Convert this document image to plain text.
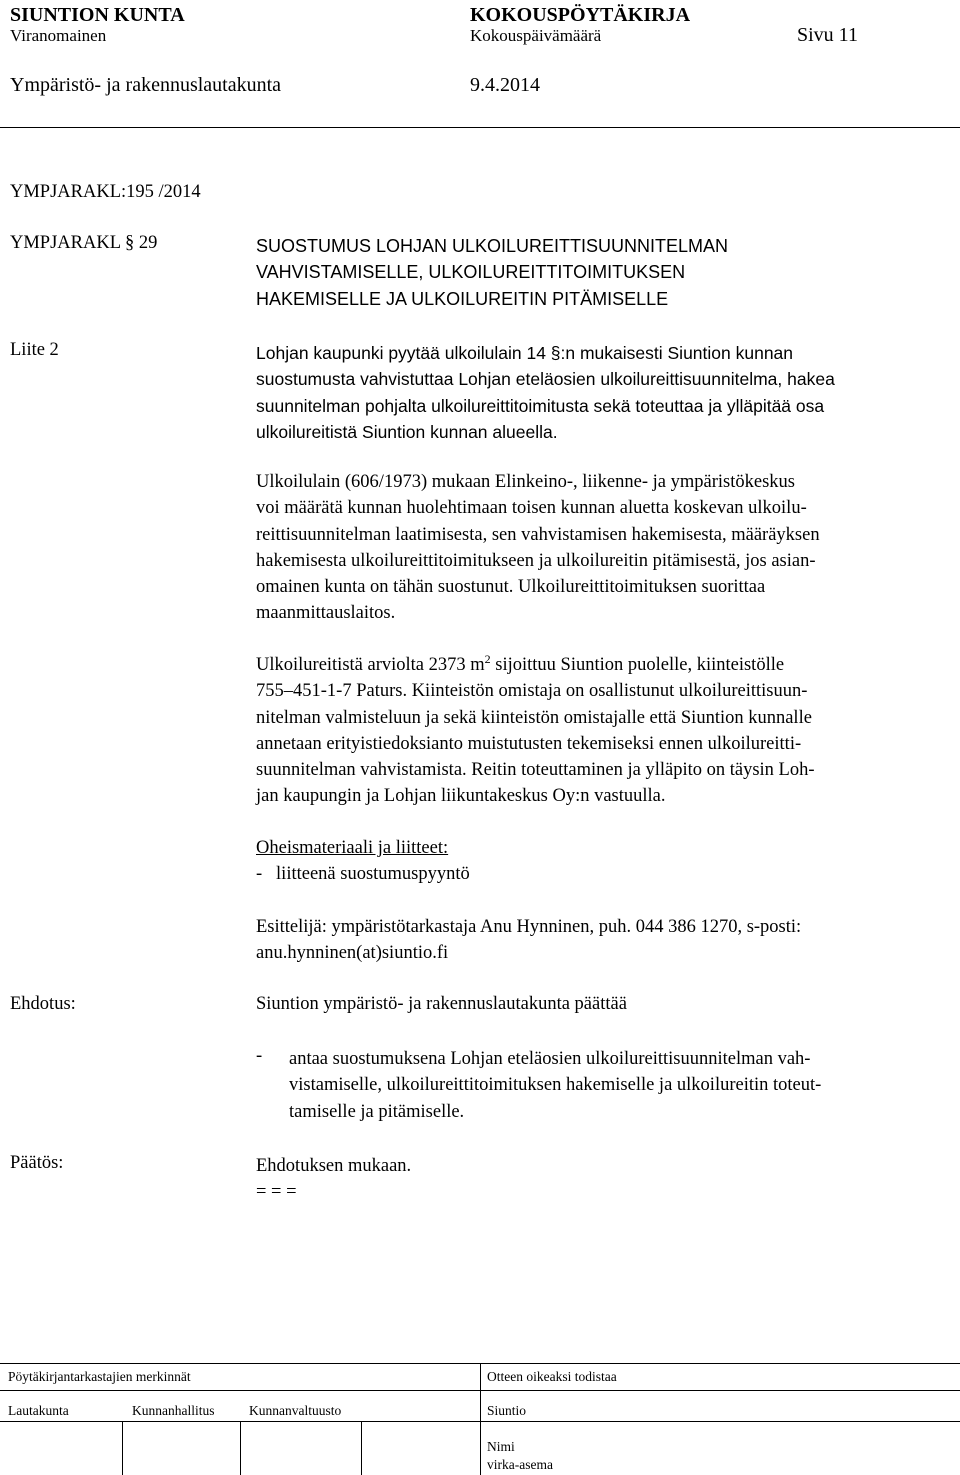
SIUNTION KUNTA	KOKOUSPÖYTÄKIRJA
Viranomainen	Kokouspäivämäärä	Sivu 11
Ympäristö- ja rakennuslautakunta	9.4.2014
YMPJARAKL:195 /2014
YMPJARAKL § 29	SUOSTUMUS LOHJAN ULKOILUREITTISUUNNITELMAN
VAHVISTAMISELLE, ULKOILUREITTITOIMITUKSEN
HAKEMISELLE JA ULKOILUREITIN PITÄMISELLE
Liite 2	Lohjan kaupunki pyytää ulkoilulain 14 §:n mukaisesti Siuntion kunnan
suostumusta vahvistuttaa Lohjan eteläosien ulkoilureittisuunnitelma, hakea
suunnitelman pohjalta ulkoilureittitoimitusta sekä toteuttaa ja ylläpitää osa
ulkoilureitistä Siuntion kunnan alueella.
Ulkoilulain (606/1973) mukaan Elinkeino-, liikenne- ja ympäristökeskus
voi määrätä kunnan huolehtimaan toisen kunnan aluetta koskevan ulkoilu-
reittisuunnitelman laatimisesta, sen vahvistamisen hakemisesta, määräyksen
hakemisesta ulkoilureittitoimitukseen ja ulkoilureitin pitämisestä, jos asian-
omainen kunta on tähän suostunut. Ulkoilureittitoimituksen suorittaa
maanmittauslaitos.
Ulkoilureitistä arviolta 2373 $m^2$ sijoittuu Siuntion puolelle, kiinteistölle
755–451-1-7 Paturs. Kiinteistön omistaja on osallistunut ulkoilureittisuun-
nitelman valmisteluun ja sekä kiinteistön omistajalle että Siuntion kunnalle
annetaan erityistiedoksianto muistutusten tekemiseksi ennen ulkoilureitti-
suunnitelman vahvistamista. Reitin toteuttaminen ja ylläpito on täysin Loh-
jan kaupungin ja Lohjan liikuntakeskus Oy:n vastuulla.
Oheismateriaali ja liitteet:
-   liitteenä suostumuspyyntö
Esittelijä: ympäristötarkastaja Anu Hynninen, puh. 044 386 1270, s-posti:
anu.hynninen(at)siuntio.fi
Ehdotus:	Siuntion ympäristö- ja rakennuslautakunta päättää
- antaa suostumuksena Lohjan eteläosien ulkoilureittisuunnitelman vah-
vistamiselle, ulkoilureittitoimituksen hakemiselle ja ulkoilureitin toteut-
tamiselle ja pitämiselle.
Päätös:	Ehdotuksen mukaan.
= = =
Pöytäkirjantarkastajien merkinnät	Otteen oikeaksi todistaa
Lautakunta	Kunnanhallitus	Kunnanvaltuusto	Siuntio
Nimi
virka-asema
